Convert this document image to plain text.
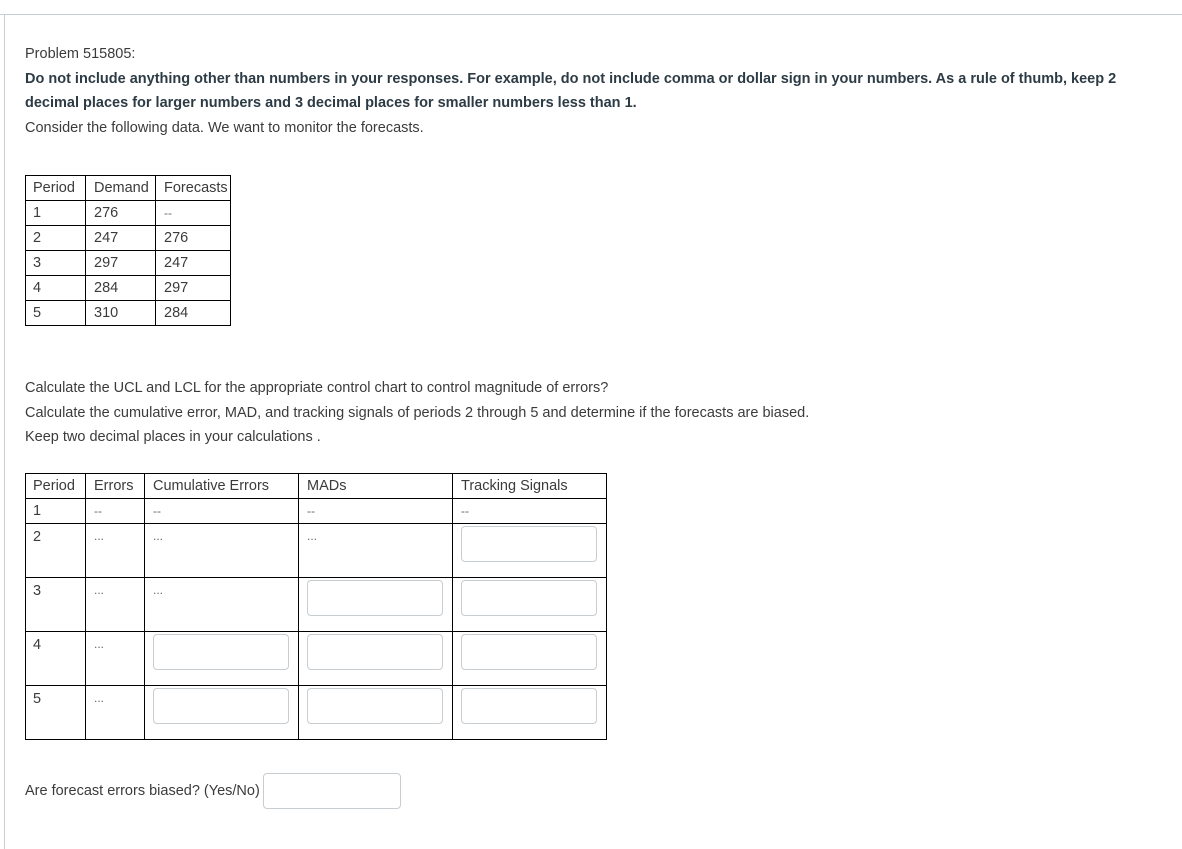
Problem 515805:

Do not include anything other than numbers in your responses. For example, do not include comma or dollar sign in your numbers. As a rule of thumb, keep 2 decimal places for larger numbers and 3 decimal places for smaller numbers less than 1.

Consider the following data. We want to monitor the forecasts.

Period	Demand	Forecasts
1	276	--
2	247	276
3	297	247
4	284	297
5	310	284

Calculate the UCL and LCL for the appropriate control chart to control magnitude of errors?

Calculate the cumulative error, MAD, and tracking signals of periods 2 through 5 and determine if the forecasts are biased.

Keep two decimal places in your calculations .

Period	Errors	Cumulative Errors	MADs	Tracking Signals
1	--	--	--	--
2	...	...	...	

3	...	...	

4	...	

5	...	

Are forecast errors biased? (Yes/No)
